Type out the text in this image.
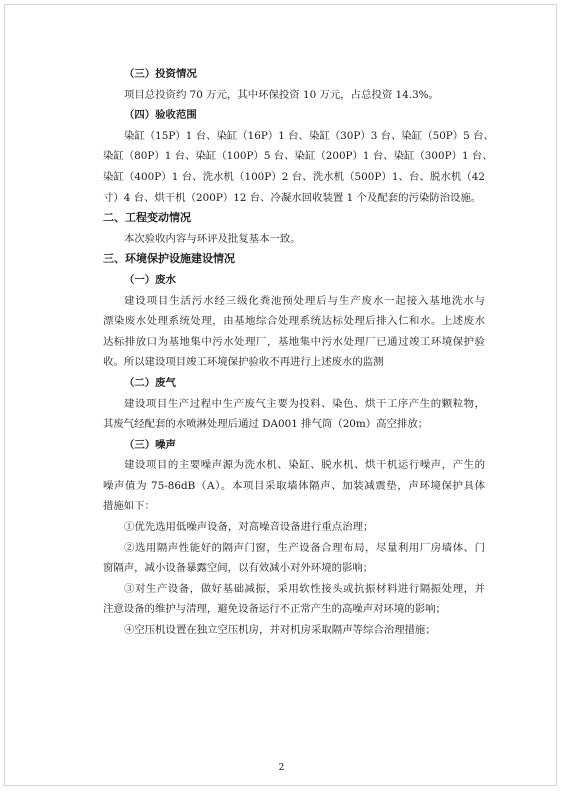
（三）投资情况
项目总投资约 70 万元，其中环保投资 10 万元，占总投资 14.3%。
（四）验收范围
染缸（15P）1 台、染缸（16P）1 台、染缸（30P）3 台、染缸（50P）5 台、
染缸（80P）1 台、染缸（100P）5 台、染缸（200P）1 台、染缸（300P）1 台、
染缸（400P）1 台、洗水机（100P）2 台、洗水机（500P）1、台、脱水机（42
寸）4 台、烘干机（200P）12 台、冷凝水回收装置 1 个及配套的污染防治设施。
二、工程变动情况
本次验收内容与环评及批复基本一致。
三、环境保护设施建设情况
（一）废水
建设项目生活污水经三级化粪池预处理后与生产废水一起接入基地洗水与
漂染废水处理系统处理，由基地综合处理系统达标处理后排入仁和水。上述废水
达标排放口为基地集中污水处理厂，基地集中污水处理厂已通过竣工环境保护验
收。所以建设项目竣工环境保护验收不再进行上述废水的监测
（二）废气
建设项目生产过程中生产废气主要为投料、染色、烘干工序产生的颗粒物，
其废气经配套的水喷淋处理后通过 DA001 排气筒（20m）高空排放；
（三）噪声
建设项目的主要噪声源为洗水机、染缸、脱水机、烘干机运行噪声，产生的
噪声值为 75-86dB（A）。本项目采取墙体隔声、加装减震垫，声环境保护具体
措施如下：
①优先选用低噪声设备，对高噪音设备进行重点治理；
②选用隔声性能好的隔声门窗，生产设备合理布局，尽量利用厂房墙体、门
窗隔声，减小设备暴露空间，以有效减小对外环境的影响；
③对生产设备，做好基础减振，采用软性接头或抗振材料进行隔振处理，并
注意设备的维护与清理，避免设备运行不正常产生的高噪声对环境的影响；
④空压机设置在独立空压机房，并对机房采取隔声等综合治理措施；
2
